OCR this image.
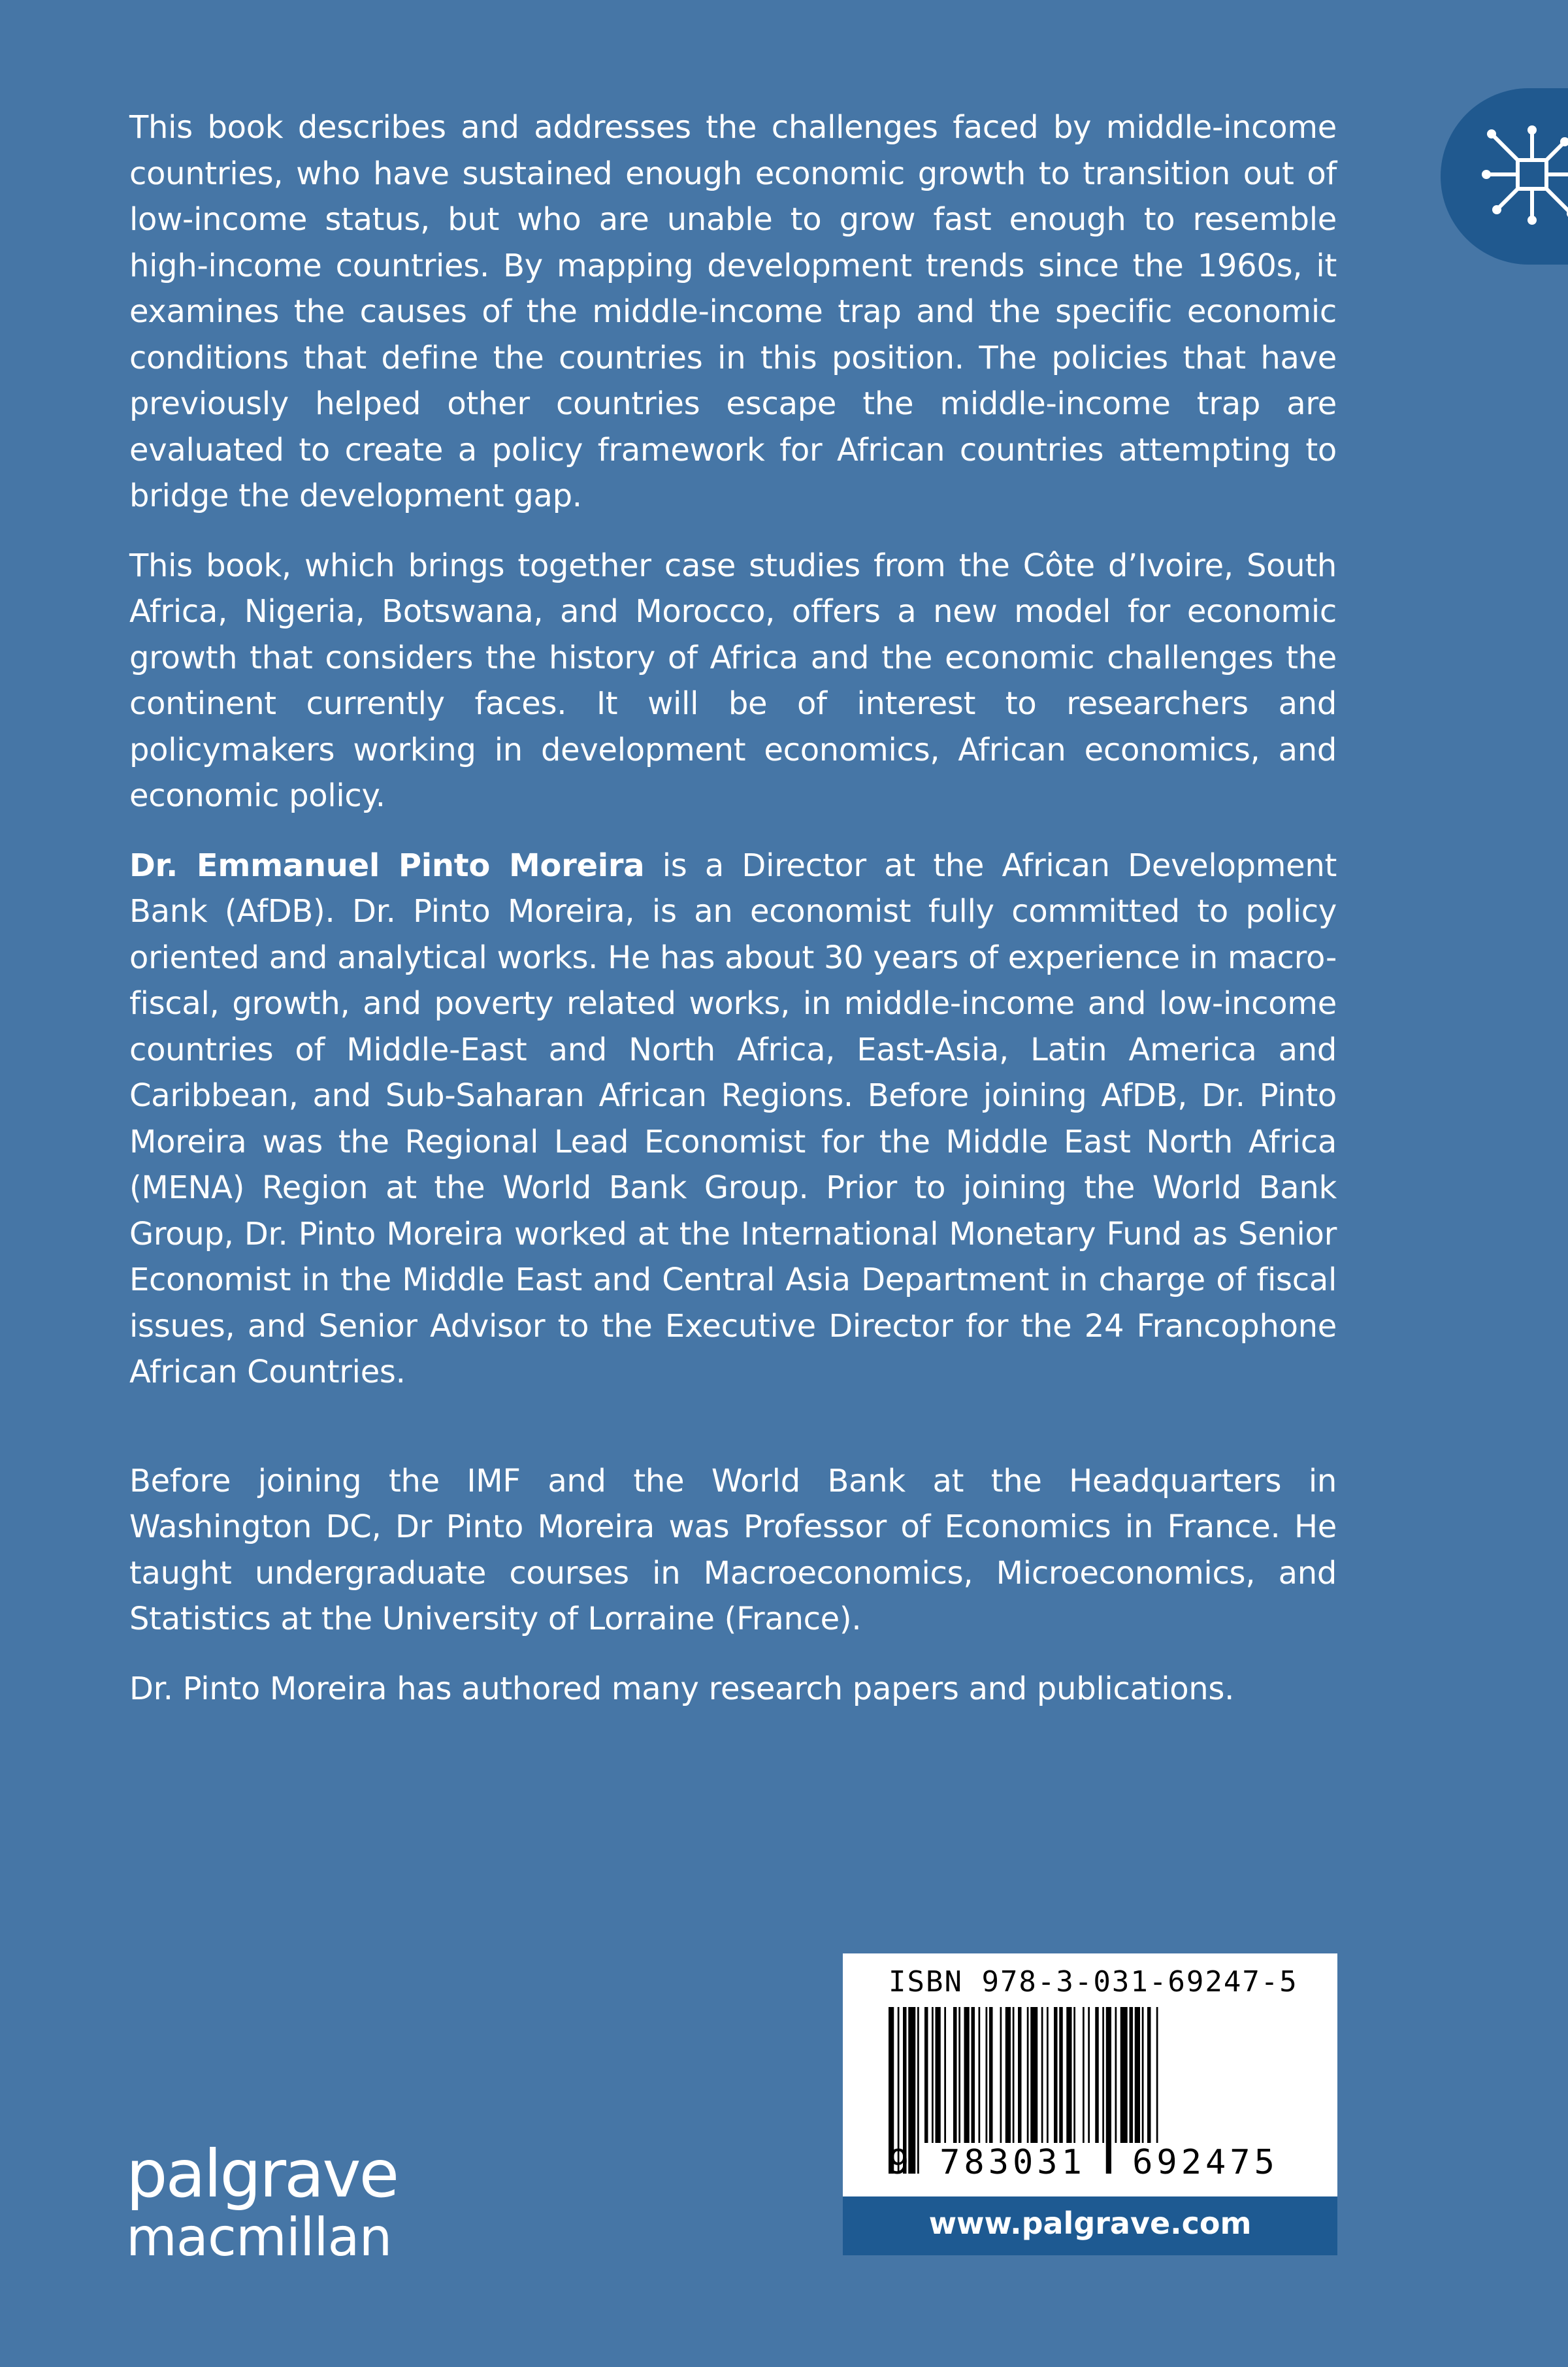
This book describes and addresses the challenges faced by middle-income countries, who have sustained enough economic growth to transition out of low-income status, but who are unable to grow fast enough to resemble high-income countries. By mapping development trends since the 1960s, it examines the causes of the middle-income trap and the specific economic conditions that define the countries in this position. The policies that have previously helped other countries escape the middle-income trap are evaluated to create a policy framework for African countries attempting to bridge the development gap.

This book, which brings together case studies from the Côte d’Ivoire, South Africa, Nigeria, Botswana, and Morocco, offers a new model for economic growth that considers the history of Africa and the economic challenges the continent currently faces. It will be of interest to researchers and policymakers working in development economics, African economics, and economic policy.

Dr. Emmanuel Pinto Moreira is a Director at the African Development Bank (AfDB). Dr. Pinto Moreira, is an economist fully committed to policy oriented and analytical works. He has about 30 years of experience in macro-fiscal, growth, and poverty related works, in middle-income and low-income countries of Middle-East and North Africa, East-Asia, Latin America and Caribbean, and Sub-Saharan African Regions. Before joining AfDB, Dr. Pinto Moreira was the Regional Lead Economist for the Middle East North Africa (MENA) Region at the World Bank Group. Prior to joining the World Bank Group, Dr. Pinto Moreira worked at the International Monetary Fund as Senior Economist in the Middle East and Central Asia Department in charge of fiscal issues, and Senior Advisor to the Executive Director for the 24 Francophone African Countries.

Before joining the IMF and the World Bank at the Headquarters in Washington DC, Dr Pinto Moreira was Professor of Economics in France. He taught undergraduate courses in Macroeconomics, Microeconomics, and Statistics at the University of Lorraine (France).

Dr. Pinto Moreira has authored many research papers and publications.

palgrave
macmillan
ISBN 978-3-031-69247-5
9 783031	692475
www.palgrave.com
